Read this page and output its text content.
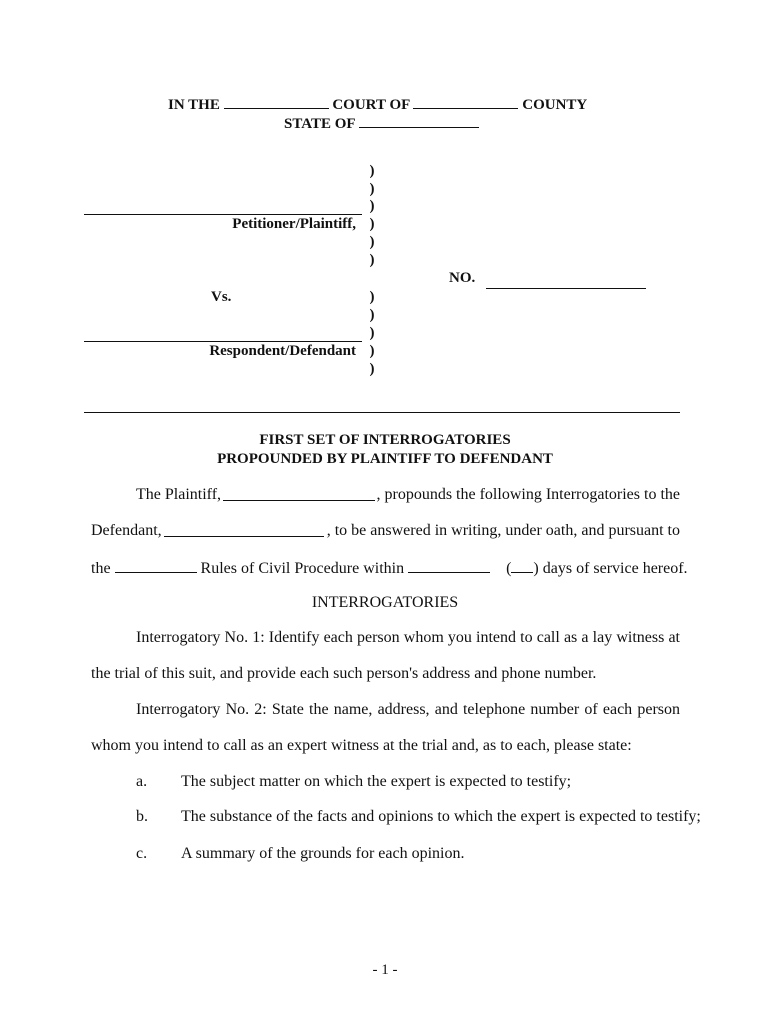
IN THE	COURT OF	COUNTY
STATE OF
)
)
)
)
)
)
)
)
)
)
)
Petitioner/Plaintiff,
Vs.
Respondent/Defendant
NO.
FIRST SET OF INTERROGATORIES
PROPOUNDED BY PLAINTIFF TO DEFENDANT
The Plaintiff,	, propounds the following Interrogatories to the
Defendant,	, to be answered in writing, under oath, and pursuant to
the	Rules of Civil Procedure within	( ) days of service hereof.
INTERROGATORIES
Interrogatory No. 1: Identify each person whom you intend to call as a lay witness at
the trial of this suit, and provide each such person's address and phone number.
Interrogatory No. 2: State the name, address, and telephone number of each person
whom you intend to call as an expert witness at the trial and, as to each, please state:
a. The subject matter on which the expert is expected to testify;
b. The substance of the facts and opinions to which the expert is expected to testify;
c. A summary of the grounds for each opinion.
- 1 -
